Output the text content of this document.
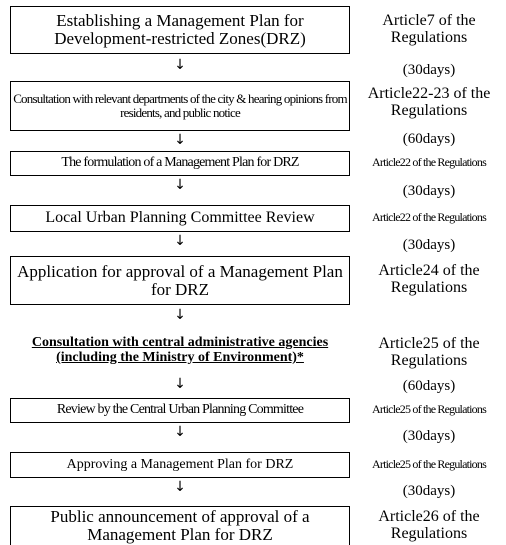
Establishing a Management Plan for Development-restricted Zones(DRZ)
Article7 of the Regulations
↓	(30days)
Consultation with relevant departments of the city & hearing opinions from residents, and public notice
Article22-23 of the Regulations
↓	(60days)
The formulation of a Management Plan for DRZ	Article22 of the Regulations
↓	(30days)
Local Urban Planning Committee Review	Article22 of the Regulations
↓	(30days)
Application for approval of a Management Plan for DRZ
Article24 of the Regulations
↓
Consultation with central administrative agencies (including the Ministry of Environment)*
Article25 of the Regulations
↓	(60days)
Review by the Central Urban Planning Committee	Article25 of the Regulations
↓	(30days)
Approving a Management Plan for DRZ	Article25 of the Regulations
↓	(30days)
Public announcement of approval of a Management Plan for DRZ
Article26 of the Regulations
